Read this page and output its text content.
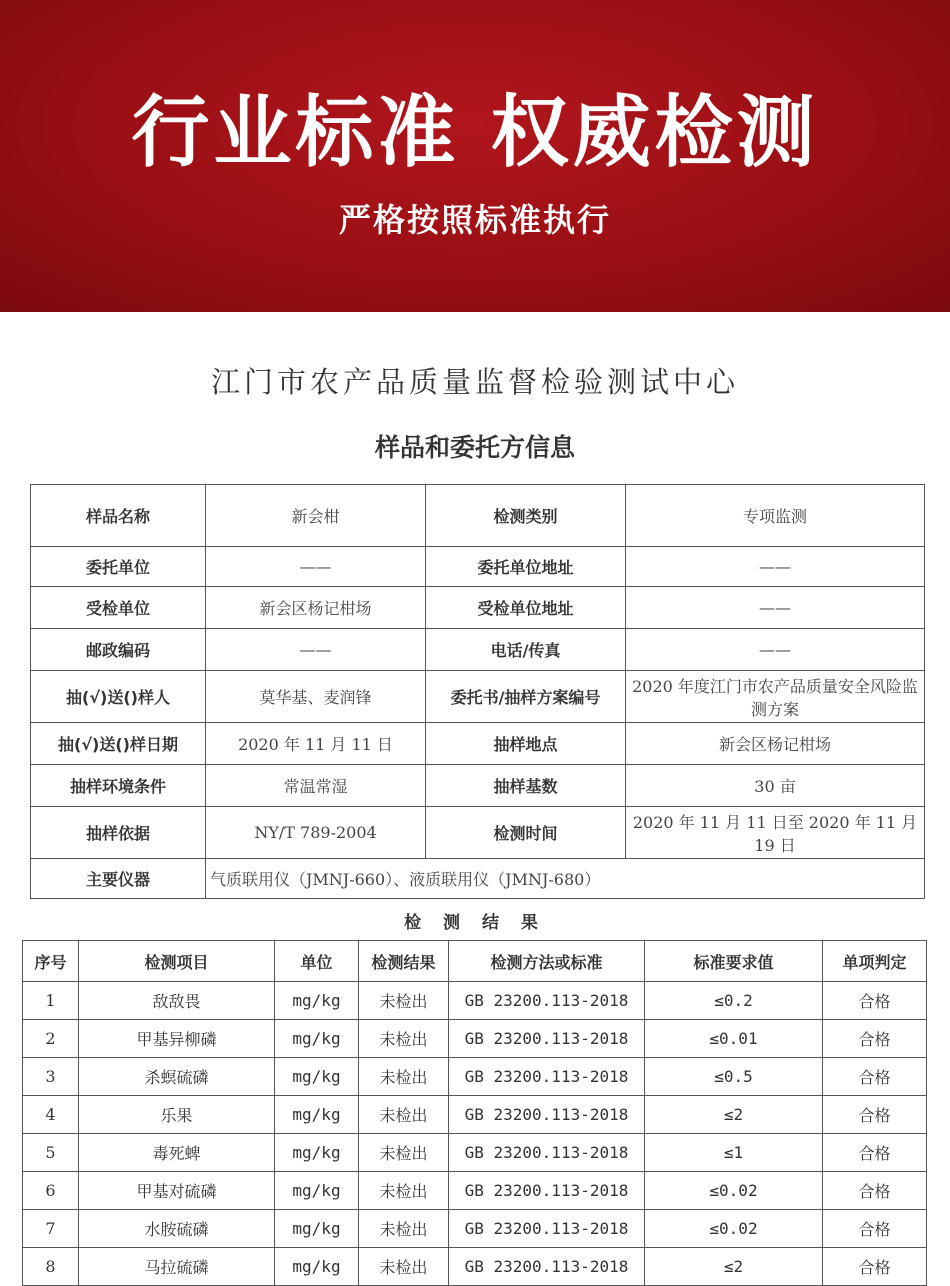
行业标准 权威检测
严格按照标准执行
江门市农产品质量监督检验测试中心
样品和委托方信息
样品名称	新会柑	检测类别	专项监测
委托单位	——	委托单位地址	——
受检单位	新会区杨记柑场	受检单位地址	——
邮政编码	——	电话/传真	——
抽(√)送()样人	莫华基、麦润锋	委托书/抽样方案编号	2020 年度江门市农产品质量安全风险监测方案
抽(√)送()样日期	2020 年 11 月 11 日	抽样地点	新会区杨记柑场
抽样环境条件	常温常湿	抽样基数	30 亩
抽样依据	NY/T 789-2004	检测时间	2020 年 11 月 11 日至 2020 年 11 月 19 日
主要仪器	气质联用仪（JMNJ-660）、液质联用仪（JMNJ-680）		
检 测 结 果
序号	检测项目	单位	检测结果	检测方法或标准	标准要求值	单项判定
1	敌敌畏	mg/kg	未检出	GB 23200.113-2018	≤0.2	合格
2	甲基异柳磷	mg/kg	未检出	GB 23200.113-2018	≤0.01	合格
3	杀螟硫磷	mg/kg	未检出	GB 23200.113-2018	≤0.5	合格
4	乐果	mg/kg	未检出	GB 23200.113-2018	≤2	合格
5	毒死蜱	mg/kg	未检出	GB 23200.113-2018	≤1	合格
6	甲基对硫磷	mg/kg	未检出	GB 23200.113-2018	≤0.02	合格
7	水胺硫磷	mg/kg	未检出	GB 23200.113-2018	≤0.02	合格
8	马拉硫磷	mg/kg	未检出	GB 23200.113-2018	≤2	合格
